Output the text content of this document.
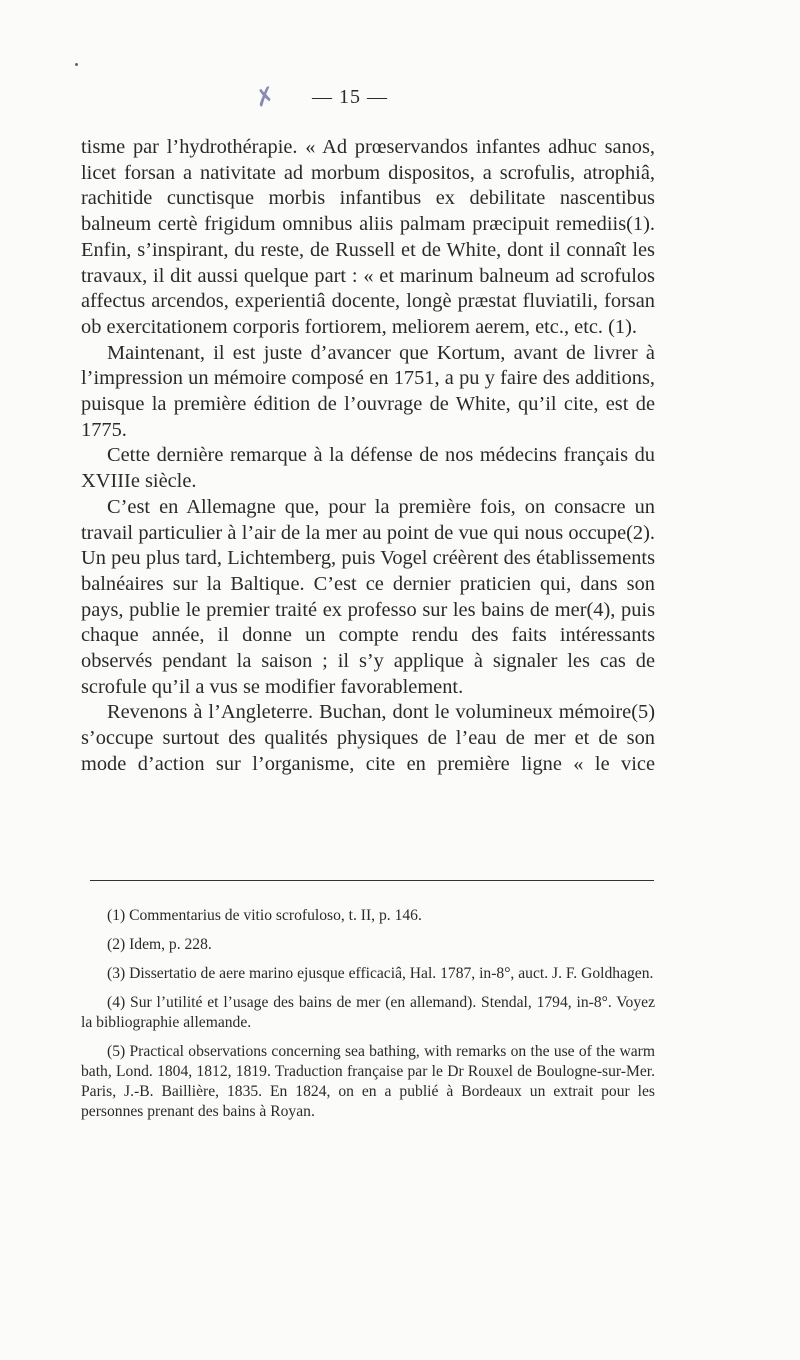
✗	— 15 —

tisme par l’hydrothérapie. « Ad prœservandos infantes adhuc sanos, licet forsan a nativitate ad morbum dispositos, a scrofulis, atrophiâ, rachitide cunctisque morbis infantibus ex debilitate nascentibus balneum certè frigidum omnibus aliis palmam præcipuit remediis(1). Enfin, s’inspirant, du reste, de Russell et de White, dont il connaît les travaux, il dit aussi quelque part : « et marinum balneum ad scrofulos affectus arcendos, experientiâ docente, longè præstat fluviatili, forsan ob exercitationem corporis fortiorem, meliorem aerem, etc., etc. (1).

Maintenant, il est juste d’avancer que Kortum, avant de livrer à l’impression un mémoire composé en 1751, a pu y faire des additions, puisque la première édition de l’ouvrage de White, qu’il cite, est de 1775.

Cette dernière remarque à la défense de nos médecins français du XVIIIe siècle.

C’est en Allemagne que, pour la première fois, on consacre un travail particulier à l’air de la mer au point de vue qui nous occupe(2). Un peu plus tard, Lichtemberg, puis Vogel créèrent des établissements balnéaires sur la Baltique. C’est ce dernier praticien qui, dans son pays, publie le premier traité ex professo sur les bains de mer(4), puis chaque année, il donne un compte rendu des faits intéressants observés pendant la saison ; il s’y applique à signaler les cas de scrofule qu’il a vus se modifier favorablement.

Revenons à l’Angleterre. Buchan, dont le volumineux mémoire(5) s’occupe surtout des qualités physiques de l’eau de mer et de son mode d’action sur l’organisme, cite en première ligne « le vice

(1) Commentarius de vitio scrofuloso, t. II, p. 146.

(2) Idem, p. 228.

(3) Dissertatio de aere marino ejusque efficaciâ, Hal. 1787, in-8°, auct. J. F. Goldhagen.

(4) Sur l’utilité et l’usage des bains de mer (en allemand). Stendal, 1794, in-8°. Voyez la bibliographie allemande.

(5) Practical observations concerning sea bathing, with remarks on the use of the warm bath, Lond. 1804, 1812, 1819. Traduction française par le Dr Rouxel de Boulogne-sur-Mer. Paris, J.-B. Baillière, 1835. En 1824, on en a publié à Bordeaux un extrait pour les personnes prenant des bains à Royan.
